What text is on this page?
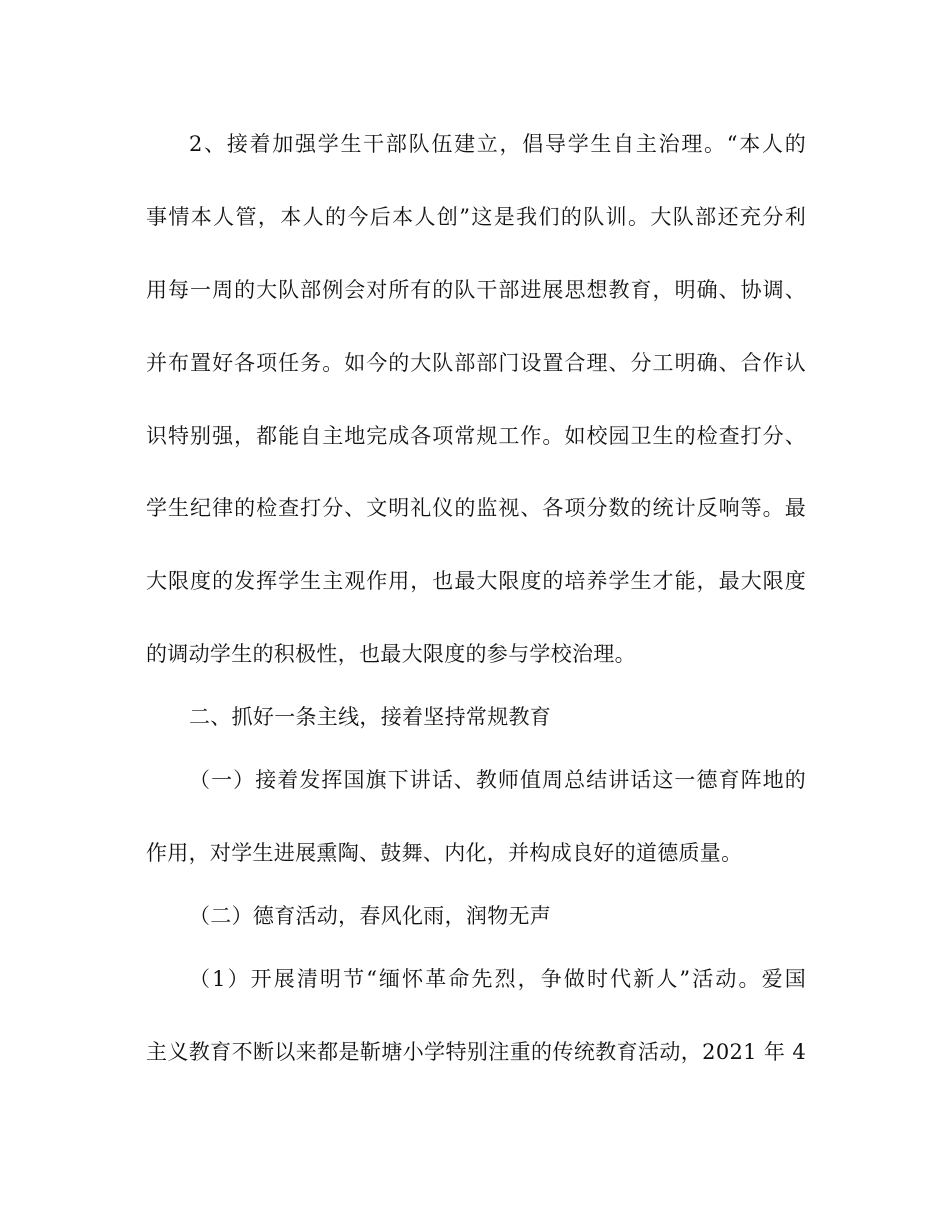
2、接着加强学生干部队伍建立，倡导学生自主治理。“本人的
事情本人管，本人的今后本人创”这是我们的队训。大队部还充分利
用每一周的大队部例会对所有的队干部进展思想教育，明确、协调、
并布置好各项任务。如今的大队部部门设置合理、分工明确、合作认
识特别强，都能自主地完成各项常规工作。如校园卫生的检查打分、
学生纪律的检查打分、文明礼仪的监视、各项分数的统计反响等。最
大限度的发挥学生主观作用，也最大限度的培养学生才能，最大限度
的调动学生的积极性，也最大限度的参与学校治理。
二、抓好一条主线，接着坚持常规教育
（一）接着发挥国旗下讲话、教师值周总结讲话这一德育阵地的
作用，对学生进展熏陶、鼓舞、内化，并构成良好的道德质量。
（二）德育活动，春风化雨，润物无声
（1）开展清明节“缅怀革命先烈，争做时代新人”活动。爱国
主义教育不断以来都是靳塘小学特别注重的传统教育活动，2021 年 4
